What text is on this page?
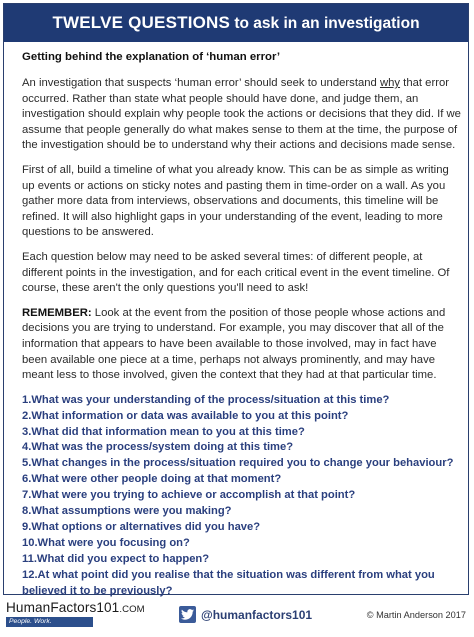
TWELVE QUESTIONS to ask in an investigation
Getting behind the explanation of ‘human error’

An investigation that suspects ‘human error’ should seek to understand why that error occurred. Rather than state what people should have done, and judge them, an investigation should explain why people took the actions or decisions that they did. If we assume that people generally do what makes sense to them at the time, the purpose of the investigation should be to understand why their actions and decisions made sense.

First of all, build a timeline of what you already know. This can be as simple as writing up events or actions on sticky notes and pasting them in time-order on a wall. As you gather more data from interviews, observations and documents, this timeline will be refined. It will also highlight gaps in your understanding of the event, leading to more questions to be answered.

Each question below may need to be asked several times: of different people, at different points in the investigation, and for each critical event in the event timeline. Of course, these aren't the only questions you'll need to ask!

REMEMBER: Look at the event from the position of those people whose actions and decisions you are trying to understand. For example, you may discover that all of the information that appears to have been available to those involved, may in fact have been available one piece at a time, perhaps not always prominently, and may have meant less to those involved, given the context that they had at that particular time.

1.What was your understanding of the process/situation at this time?
2.What information or data was available to you at this point?
3.What did that information mean to you at this time?
4.What was the process/system doing at this time?
5.What changes in the process/situation required you to change your behaviour?
6.What were other people doing at that moment?
7.What were you trying to achieve or accomplish at that point?
8.What assumptions were you making?
9.What options or alternatives did you have?
10.What were you focusing on?
11.What did you expect to happen?
12.At what point did you realise that the situation was different from what you believed it to be previously?
HumanFactors101.COM
People. Work. Organisations
@humanfactors101	© Martin Anderson 2017
